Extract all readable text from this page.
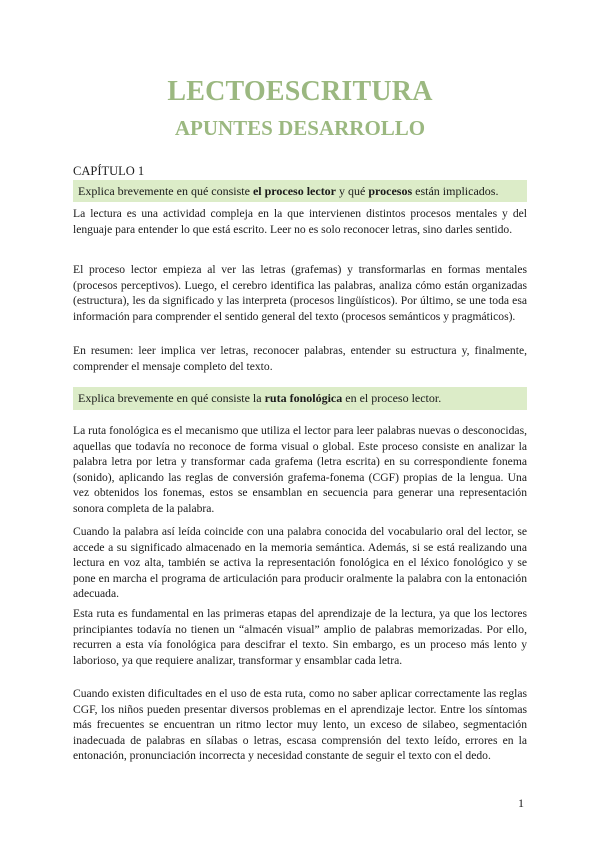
LECTOESCRITURA
APUNTES DESARROLLO
CAPÍTULO 1
Explica brevemente en qué consiste el proceso lector y qué procesos están implicados.

La lectura es una actividad compleja en la que intervienen distintos procesos mentales y del lenguaje para entender lo que está escrito. Leer no es solo reconocer letras, sino darles sentido.

El proceso lector empieza al ver las letras (grafemas) y transformarlas en formas mentales (procesos perceptivos). Luego, el cerebro identifica las palabras, analiza cómo están organizadas (estructura), les da significado y las interpreta (procesos lingüísticos). Por último, se une toda esa información para comprender el sentido general del texto (procesos semánticos y pragmáticos).

En resumen: leer implica ver letras, reconocer palabras, entender su estructura y, finalmente, comprender el mensaje completo del texto.

Explica brevemente en qué consiste la ruta fonológica en el proceso lector.

La ruta fonológica es el mecanismo que utiliza el lector para leer palabras nuevas o desconocidas, aquellas que todavía no reconoce de forma visual o global. Este proceso consiste en analizar la palabra letra por letra y transformar cada grafema (letra escrita) en su correspondiente fonema (sonido), aplicando las reglas de conversión grafema-fonema (CGF) propias de la lengua. Una vez obtenidos los fonemas, estos se ensamblan en secuencia para generar una representación sonora completa de la palabra.

Cuando la palabra así leída coincide con una palabra conocida del vocabulario oral del lector, se accede a su significado almacenado en la memoria semántica. Además, si se está realizando una lectura en voz alta, también se activa la representación fonológica en el léxico fonológico y se pone en marcha el programa de articulación para producir oralmente la palabra con la entonación adecuada.

Esta ruta es fundamental en las primeras etapas del aprendizaje de la lectura, ya que los lectores principiantes todavía no tienen un “almacén visual” amplio de palabras memorizadas. Por ello, recurren a esta vía fonológica para descifrar el texto. Sin embargo, es un proceso más lento y laborioso, ya que requiere analizar, transformar y ensamblar cada letra.

Cuando existen dificultades en el uso de esta ruta, como no saber aplicar correctamente las reglas CGF, los niños pueden presentar diversos problemas en el aprendizaje lector. Entre los síntomas más frecuentes se encuentran un ritmo lector muy lento, un exceso de silabeo, segmentación inadecuada de palabras en sílabas o letras, escasa comprensión del texto leído, errores en la entonación, pronunciación incorrecta y necesidad constante de seguir el texto con el dedo.

1
